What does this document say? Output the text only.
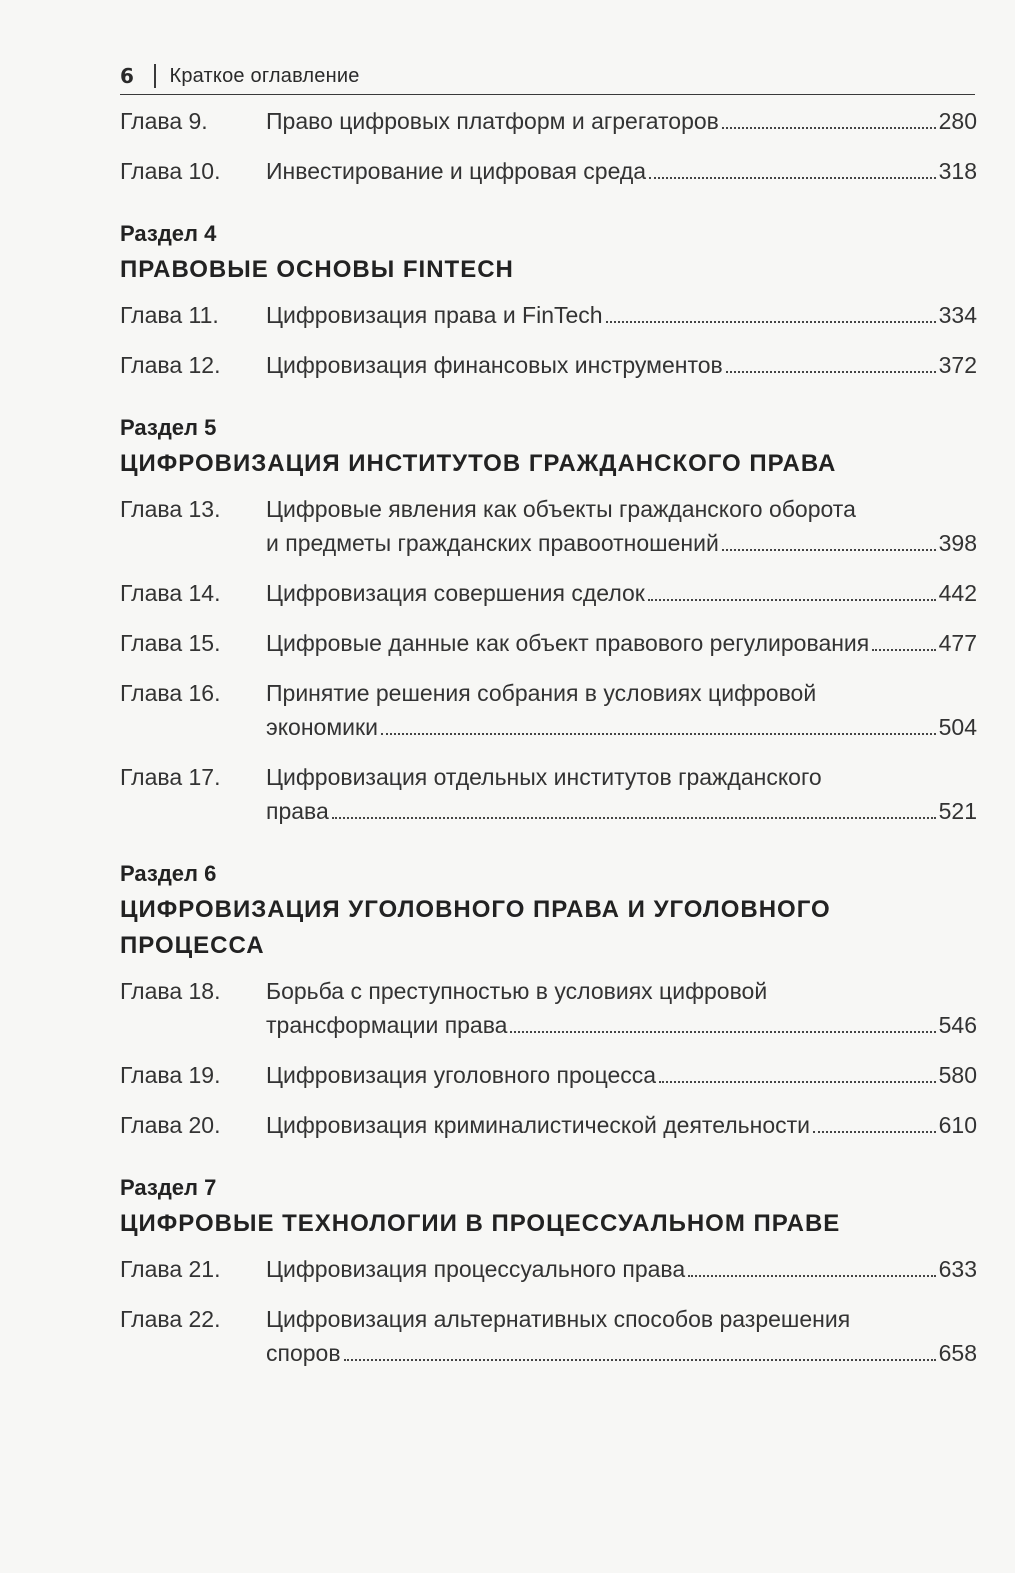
6	Краткое оглавление
Глава 9.	Право цифровых платформ и агрегаторов	280
Глава 10.	Инвестирование и цифровая среда	318
Раздел 4
ПРАВОВЫЕ ОСНОВЫ FINTECH
Глава 11.	Цифровизация права и FinTech	334
Глава 12.	Цифровизация финансовых инструментов	372
Раздел 5
ЦИФРОВИЗАЦИЯ ИНСТИТУТОВ ГРАЖДАНСКОГО ПРАВА
Глава 13.	Цифровые явления как объекты гражданского оборота
и предметы гражданских правоотношений	398
Глава 14.	Цифровизация совершения сделок	442
Глава 15.	Цифровые данные как объект правового регулирования	477
Глава 16.	Принятие решения собрания в условиях цифровой
экономики	504
Глава 17.	Цифровизация отдельных институтов гражданского
права	521
Раздел 6
ЦИФРОВИЗАЦИЯ УГОЛОВНОГО ПРАВА И УГОЛОВНОГО ПРОЦЕССА
Глава 18.	Борьба с преступностью в условиях цифровой
трансформации права	546
Глава 19.	Цифровизация уголовного процесса	580
Глава 20.	Цифровизация криминалистической деятельности	610
Раздел 7
ЦИФРОВЫЕ ТЕХНОЛОГИИ В ПРОЦЕССУАЛЬНОМ ПРАВЕ
Глава 21.	Цифровизация процессуального права	633
Глава 22.	Цифровизация альтернативных способов разрешения
споров	658
